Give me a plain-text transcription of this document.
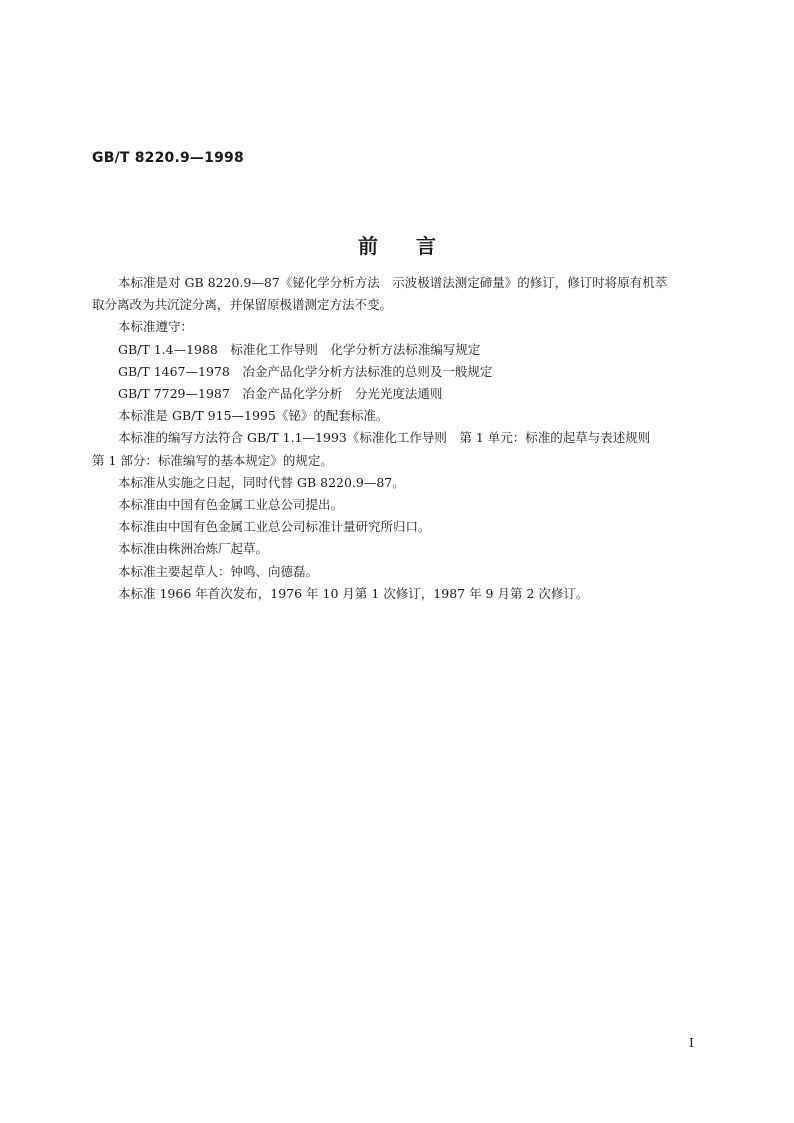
GB/T 8220.9—1998
前言

本标准是对 GB 8220.9—87《铋化学分析方法　示波极谱法测定碲量》的修订，修订时将原有机萃

取分离改为共沉淀分离，并保留原极谱测定方法不变。

本标准遵守：

GB/T 1.4—1988　标准化工作导则　化学分析方法标准编写规定

GB/T 1467—1978　冶金产品化学分析方法标准的总则及一般规定

GB/T 7729—1987　冶金产品化学分析　分光光度法通则

本标准是 GB/T 915—1995《铋》的配套标准。

本标准的编写方法符合 GB/T 1.1—1993《标准化工作导则　第 1 单元：标准的起草与表述规则

第 1 部分：标准编写的基本规定》的规定。

本标准从实施之日起，同时代替 GB 8220.9—87。

本标准由中国有色金属工业总公司提出。

本标准由中国有色金属工业总公司标准计量研究所归口。

本标准由株洲冶炼厂起草。

本标准主要起草人：钟鸣、向德磊。

本标准 1966 年首次发布，1976 年 10 月第 1 次修订，1987 年 9 月第 2 次修订。

I
